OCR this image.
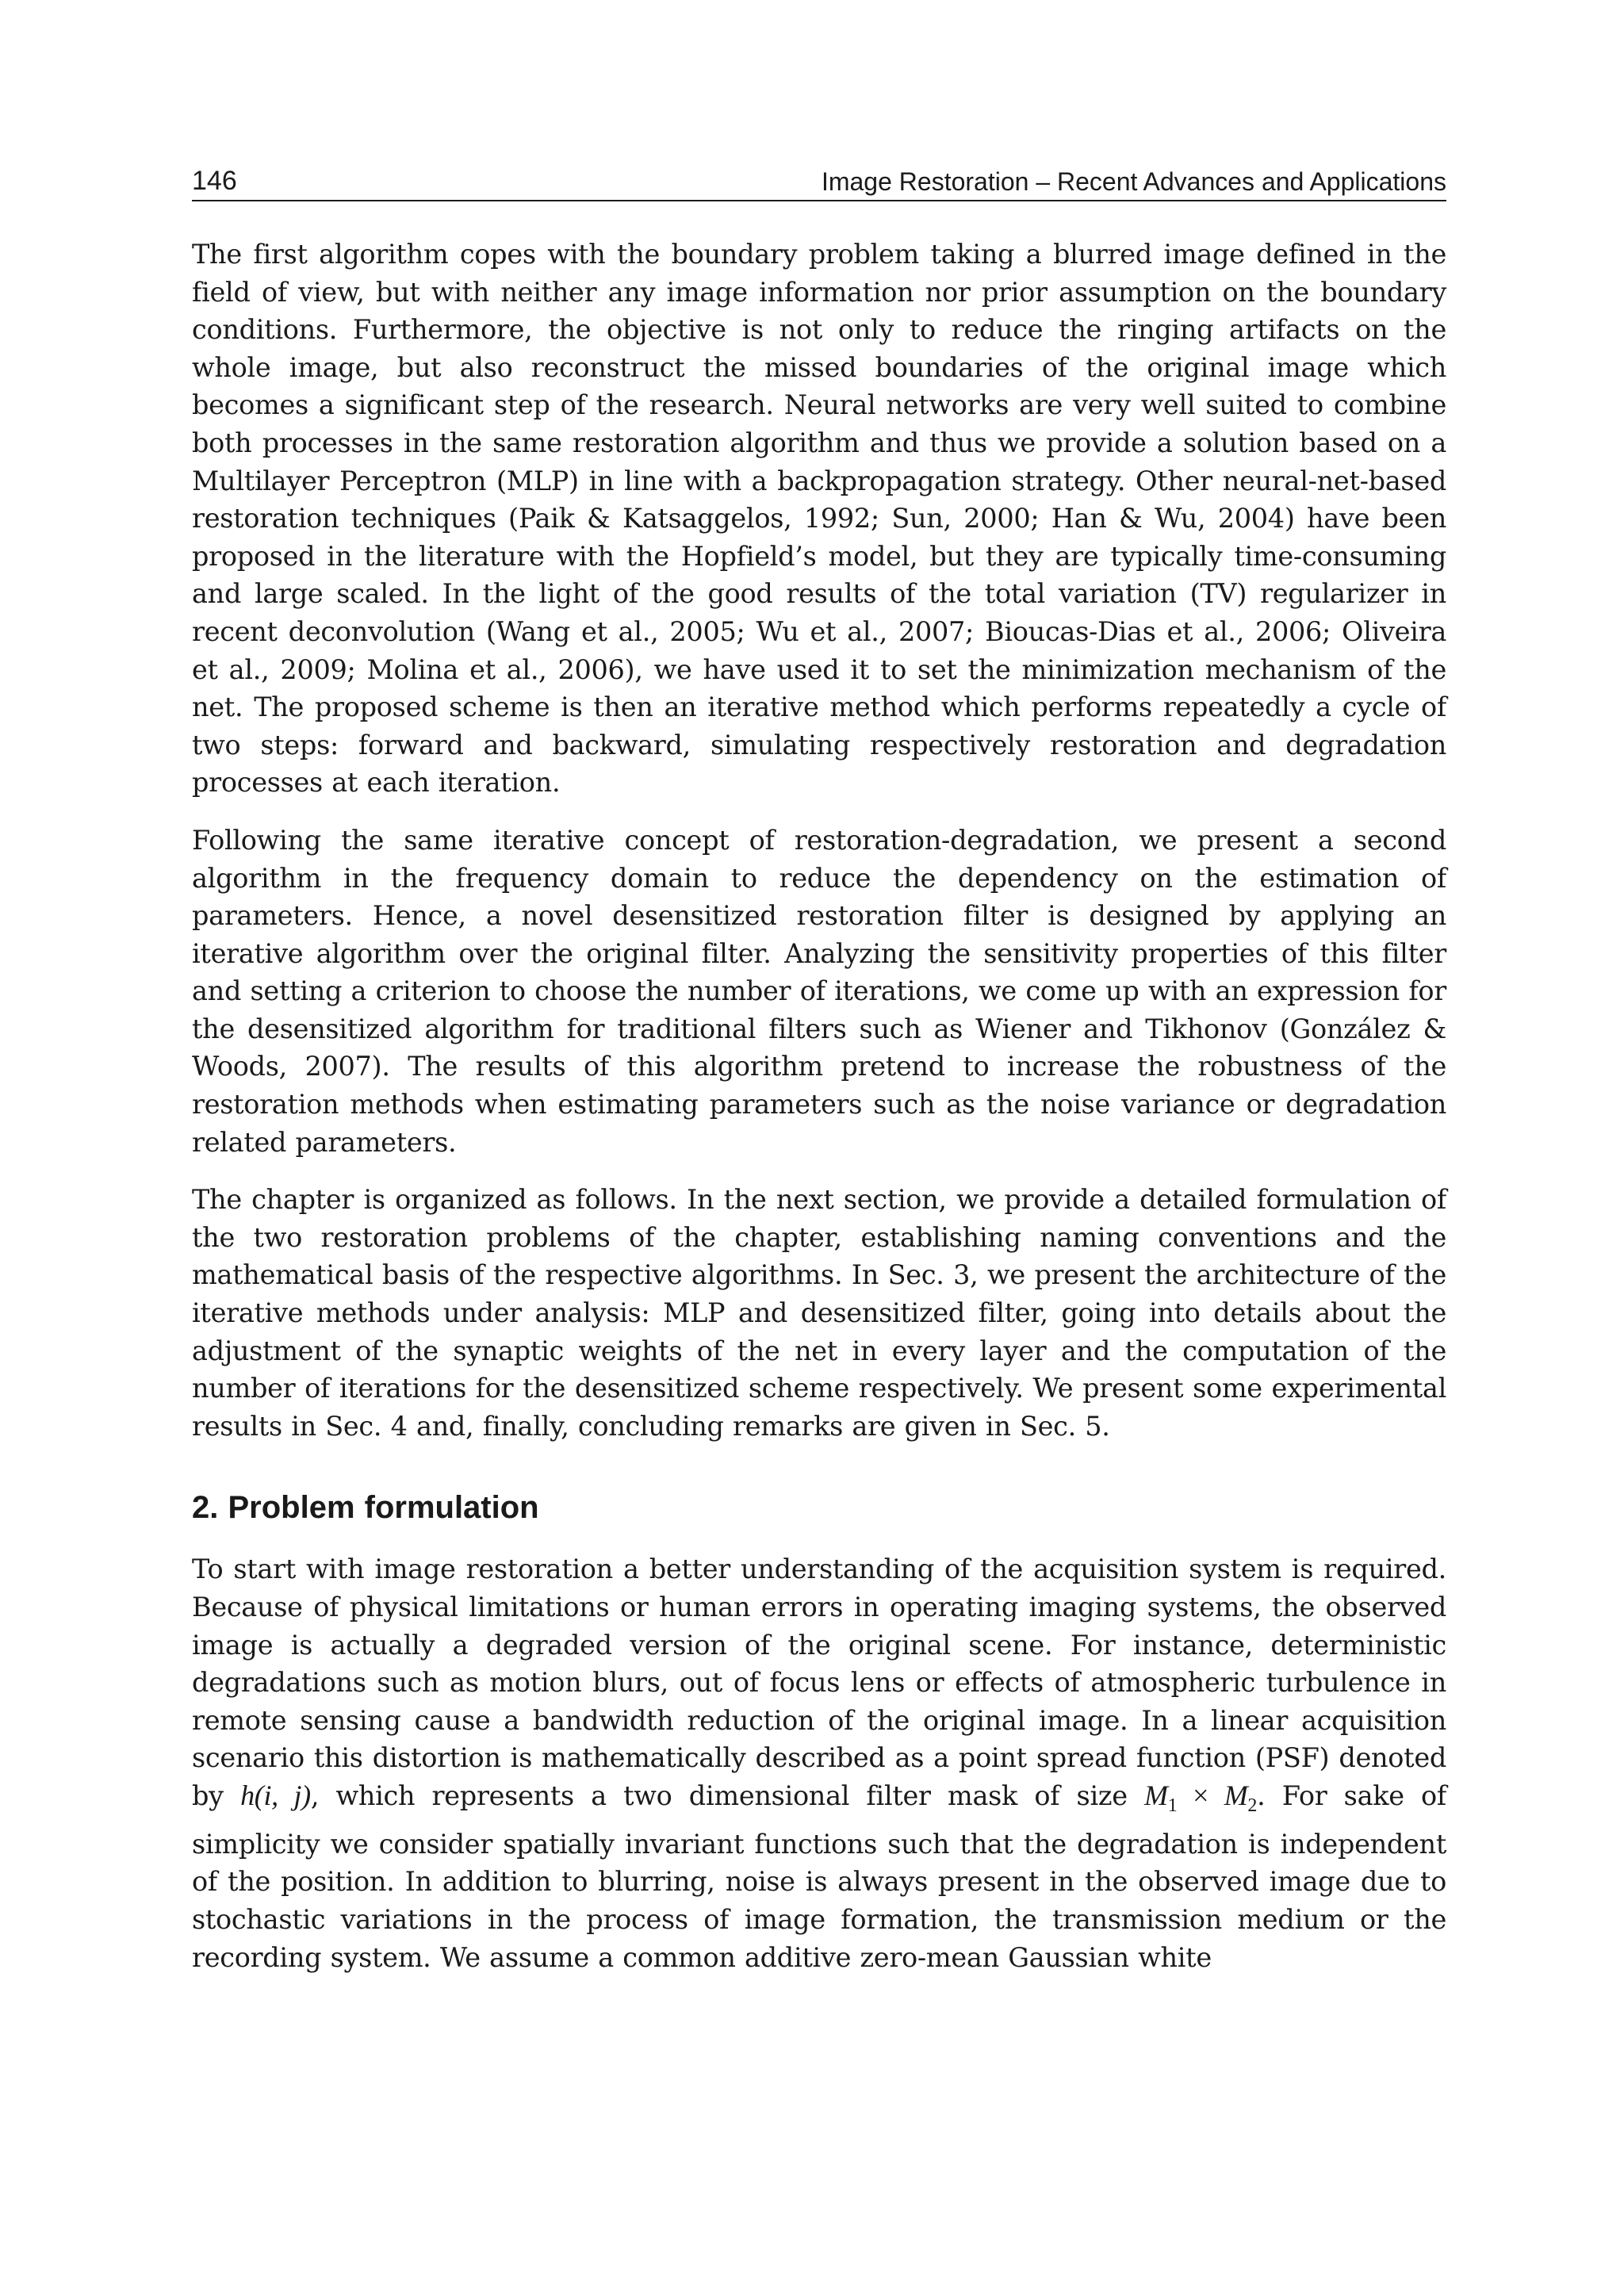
146	Image Restoration – Recent Advances and Applications

The first algorithm copes with the boundary problem taking a blurred image defined in the field of view, but with neither any image information nor prior assumption on the boundary conditions. Furthermore, the objective is not only to reduce the ringing artifacts on the whole image, but also reconstruct the missed boundaries of the original image which becomes a significant step of the research. Neural networks are very well suited to combine both processes in the same restoration algorithm and thus we provide a solution based on a Multilayer Perceptron (MLP) in line with a backpropagation strategy. Other neural-net-based restoration techniques (Paik & Katsaggelos, 1992; Sun, 2000; Han & Wu, 2004) have been proposed in the literature with the Hopfield’s model, but they are typically time-consuming and large scaled. In the light of the good results of the total variation (TV) regularizer in recent deconvolution (Wang et al., 2005; Wu et al., 2007; Bioucas-Dias et al., 2006; Oliveira et al., 2009; Molina et al., 2006), we have used it to set the minimization mechanism of the net. The proposed scheme is then an iterative method which performs repeatedly a cycle of two steps: forward and backward, simulating respectively restoration and degradation processes at each iteration.

Following the same iterative concept of restoration-degradation, we present a second algorithm in the frequency domain to reduce the dependency on the estimation of parameters. Hence, a novel desensitized restoration filter is designed by applying an iterative algorithm over the original filter. Analyzing the sensitivity properties of this filter and setting a criterion to choose the number of iterations, we come up with an expression for the desensitized algorithm for traditional filters such as Wiener and Tikhonov (González & Woods, 2007). The results of this algorithm pretend to increase the robustness of the restoration methods when estimating parameters such as the noise variance or degradation related parameters.

The chapter is organized as follows. In the next section, we provide a detailed formulation of the two restoration problems of the chapter, establishing naming conventions and the mathematical basis of the respective algorithms. In Sec. 3, we present the architecture of the iterative methods under analysis: MLP and desensitized filter, going into details about the adjustment of the synaptic weights of the net in every layer and the computation of the number of iterations for the desensitized scheme respectively. We present some experimental results in Sec. 4 and, finally, concluding remarks are given in Sec. 5.

2. Problem formulation

To start with image restoration a better understanding of the acquisition system is required. Because of physical limitations or human errors in operating imaging systems, the observed image is actually a degraded version of the original scene. For instance, deterministic degradations such as motion blurs, out of focus lens or effects of atmospheric turbulence in remote sensing cause a bandwidth reduction of the original image. In a linear acquisition scenario this distortion is mathematically described as a point spread function (PSF) denoted by h(i, j), which represents a two dimensional filter mask of size $M_1 \times M_2$. For sake of simplicity we consider spatially invariant functions such that the degradation is independent of the position. In addition to blurring, noise is always present in the observed image due to stochastic variations in the process of image formation, the transmission medium or the recording system. We assume a common additive zero-mean Gaussian white
